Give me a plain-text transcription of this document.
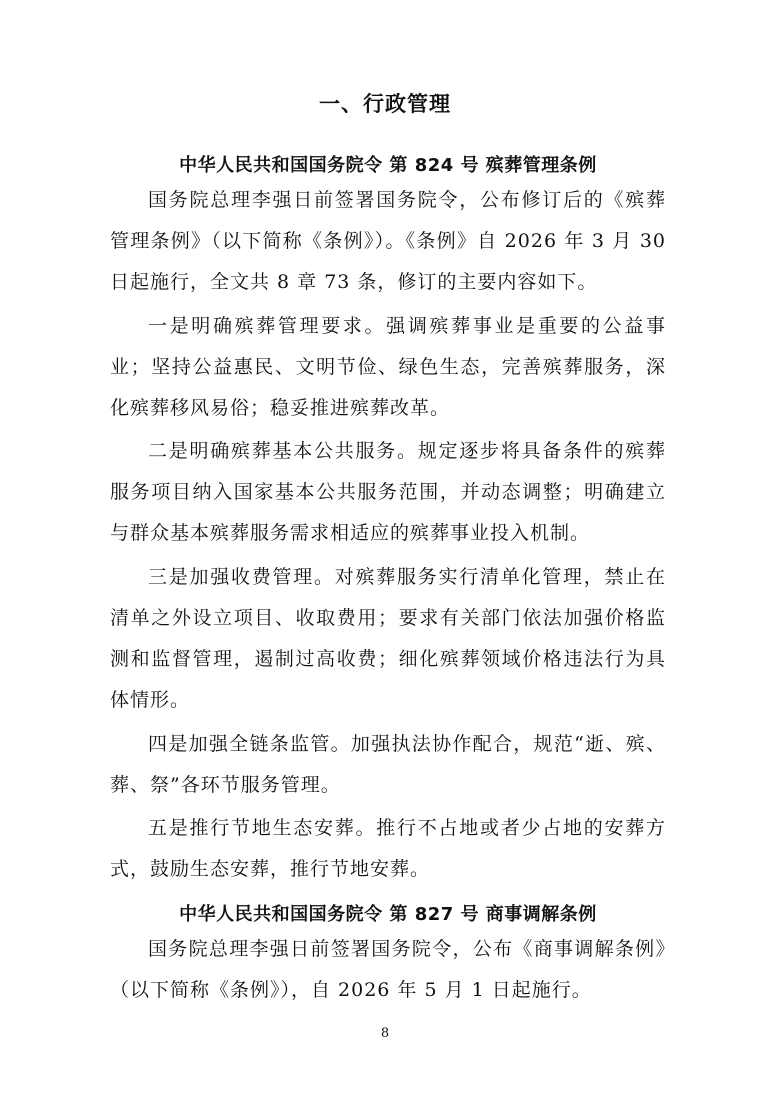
一、行政管理
中华人民共和国国务院令 第 824 号 殡葬管理条例

国务院总理李强日前签署国务院令，公布修订后的《殡葬管理条例》（以下简称《条例》）。《条例》自 2026 年 3 月 30 日起施行，全文共 8 章 73 条，修订的主要内容如下。

一是明确殡葬管理要求。强调殡葬事业是重要的公益事业；坚持公益惠民、文明节俭、绿色生态，完善殡葬服务，深化殡葬移风易俗；稳妥推进殡葬改革。

二是明确殡葬基本公共服务。规定逐步将具备条件的殡葬服务项目纳入国家基本公共服务范围，并动态调整；明确建立与群众基本殡葬服务需求相适应的殡葬事业投入机制。

三是加强收费管理。对殡葬服务实行清单化管理，禁止在清单之外设立项目、收取费用；要求有关部门依法加强价格监测和监督管理，遏制过高收费；细化殡葬领域价格违法行为具体情形。

四是加强全链条监管。加强执法协作配合，规范“逝、殡、葬、祭”各环节服务管理。

五是推行节地生态安葬。推行不占地或者少占地的安葬方式，鼓励生态安葬，推行节地安葬。

中华人民共和国国务院令 第 827 号 商事调解条例

国务院总理李强日前签署国务院令，公布《商事调解条例》（以下简称《条例》），自 2026 年 5 月 1 日起施行。

8
